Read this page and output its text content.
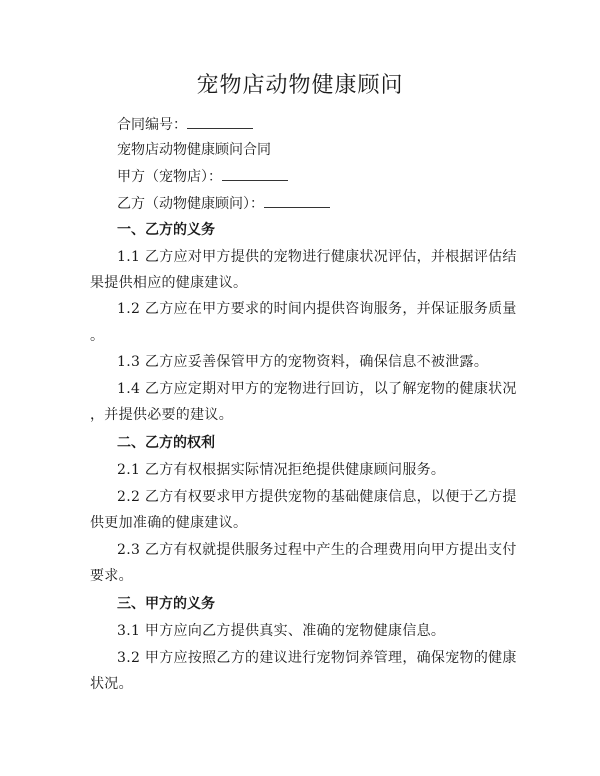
宠物店动物健康顾问
合同编号：
宠物店动物健康顾问合同
甲方（宠物店）：
乙方（动物健康顾问）：
一、乙方的义务
1.1 乙方应对甲方提供的宠物进行健康状况评估，并根据评估结
果提供相应的健康建议。
1.2 乙方应在甲方要求的时间内提供咨询服务，并保证服务质量
。
1.3 乙方应妥善保管甲方的宠物资料，确保信息不被泄露。
1.4 乙方应定期对甲方的宠物进行回访，以了解宠物的健康状况
，并提供必要的建议。
二、乙方的权利
2.1 乙方有权根据实际情况拒绝提供健康顾问服务。
2.2 乙方有权要求甲方提供宠物的基础健康信息，以便于乙方提
供更加准确的健康建议。
2.3 乙方有权就提供服务过程中产生的合理费用向甲方提出支付
要求。
三、甲方的义务
3.1 甲方应向乙方提供真实、准确的宠物健康信息。
3.2 甲方应按照乙方的建议进行宠物饲养管理，确保宠物的健康
状况。
